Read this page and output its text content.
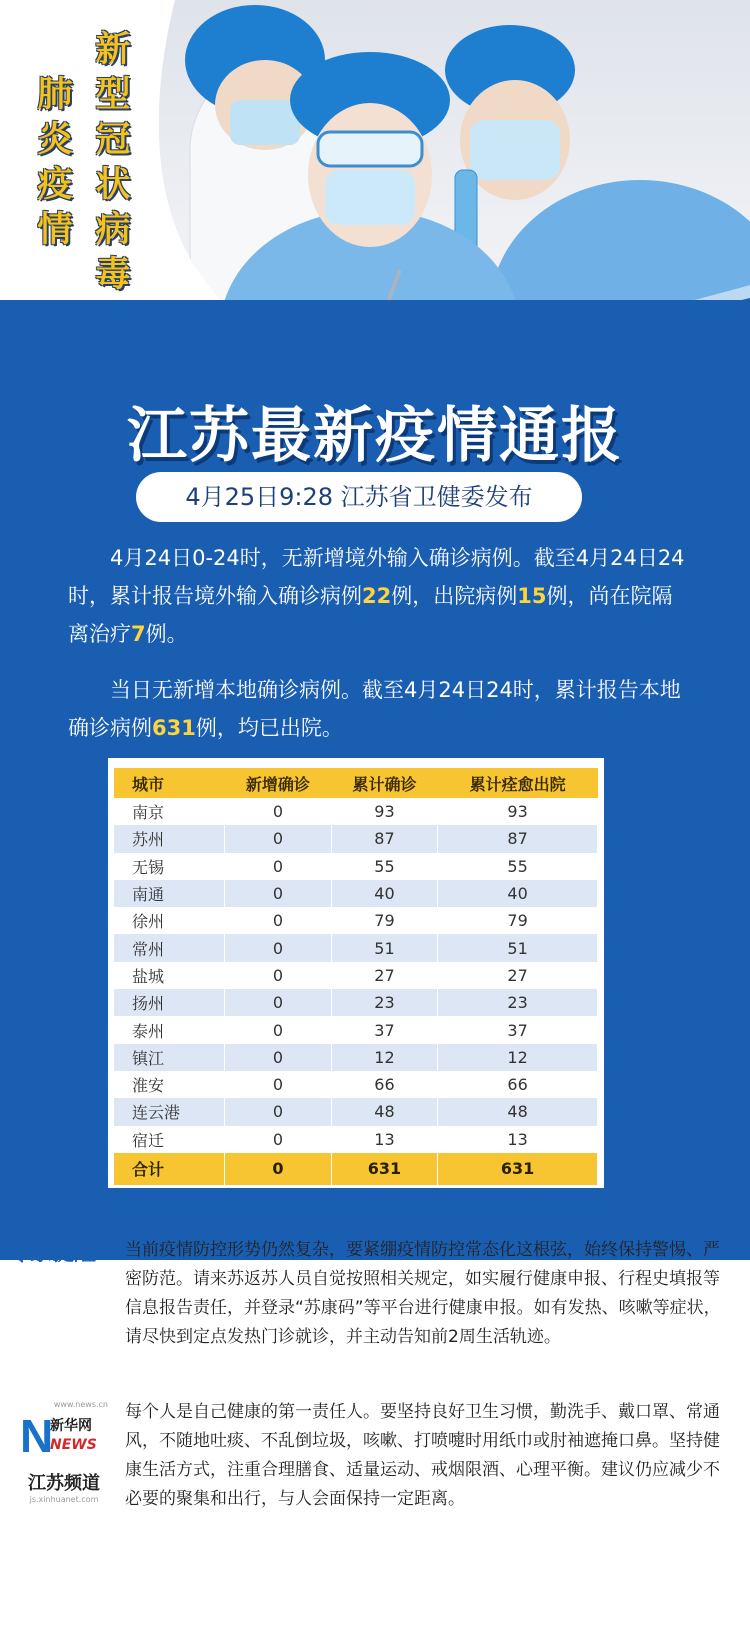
新
型
冠
状
病
毒
肺
炎
疫
情
江苏最新疫情通报
4月25日9:28 江苏省卫健委发布

　　4月24日0-24时，无新增境外输入确诊病例。截至4月24日24时，累计报告境外输入确诊病例22例，出院病例15例，尚在院隔离治疗7例。

　　当日无新增本地确诊病例。截至4月24日24时，累计报告本地确诊病例631例，均已出院。

城市	新增确诊	累计确诊	累计痊愈出院
南京	0	93	93
苏州	0	87	87
无锡	0	55	55
南通	0	40	40
徐州	0	79	79
常州	0	51	51
盐城	0	27	27
扬州	0	23	23
泰州	0	37	37
镇江	0	12	12
淮安	0	66	66
连云港	0	48	48
宿迁	0	13	13
合计	0	631	631
专家提醒： 当前疫情防控形势仍然复杂，要紧绷疫情防控常态化这根弦，始终保持警惕、严密防范。请来苏返苏人员自觉按照相关规定，如实履行健康申报、行程史填报等信息报告责任，并登录“苏康码”等平台进行健康申报。如有发热、咳嗽等症状，请尽快到定点发热门诊就诊，并主动告知前2周生活轨迹。

每个人是自己健康的第一责任人。要坚持良好卫生习惯，勤洗手、戴口罩、常通风，不随地吐痰、不乱倒垃圾，咳嗽、打喷嚏时用纸巾或肘袖遮掩口鼻。坚持健康生活方式，注重合理膳食、适量运动、戒烟限酒、心理平衡。建议仍应减少不必要的聚集和出行，与人会面保持一定距离。

www.news.cn
N
新华网
NEWS
江苏频道
js.xinhuanet.com
